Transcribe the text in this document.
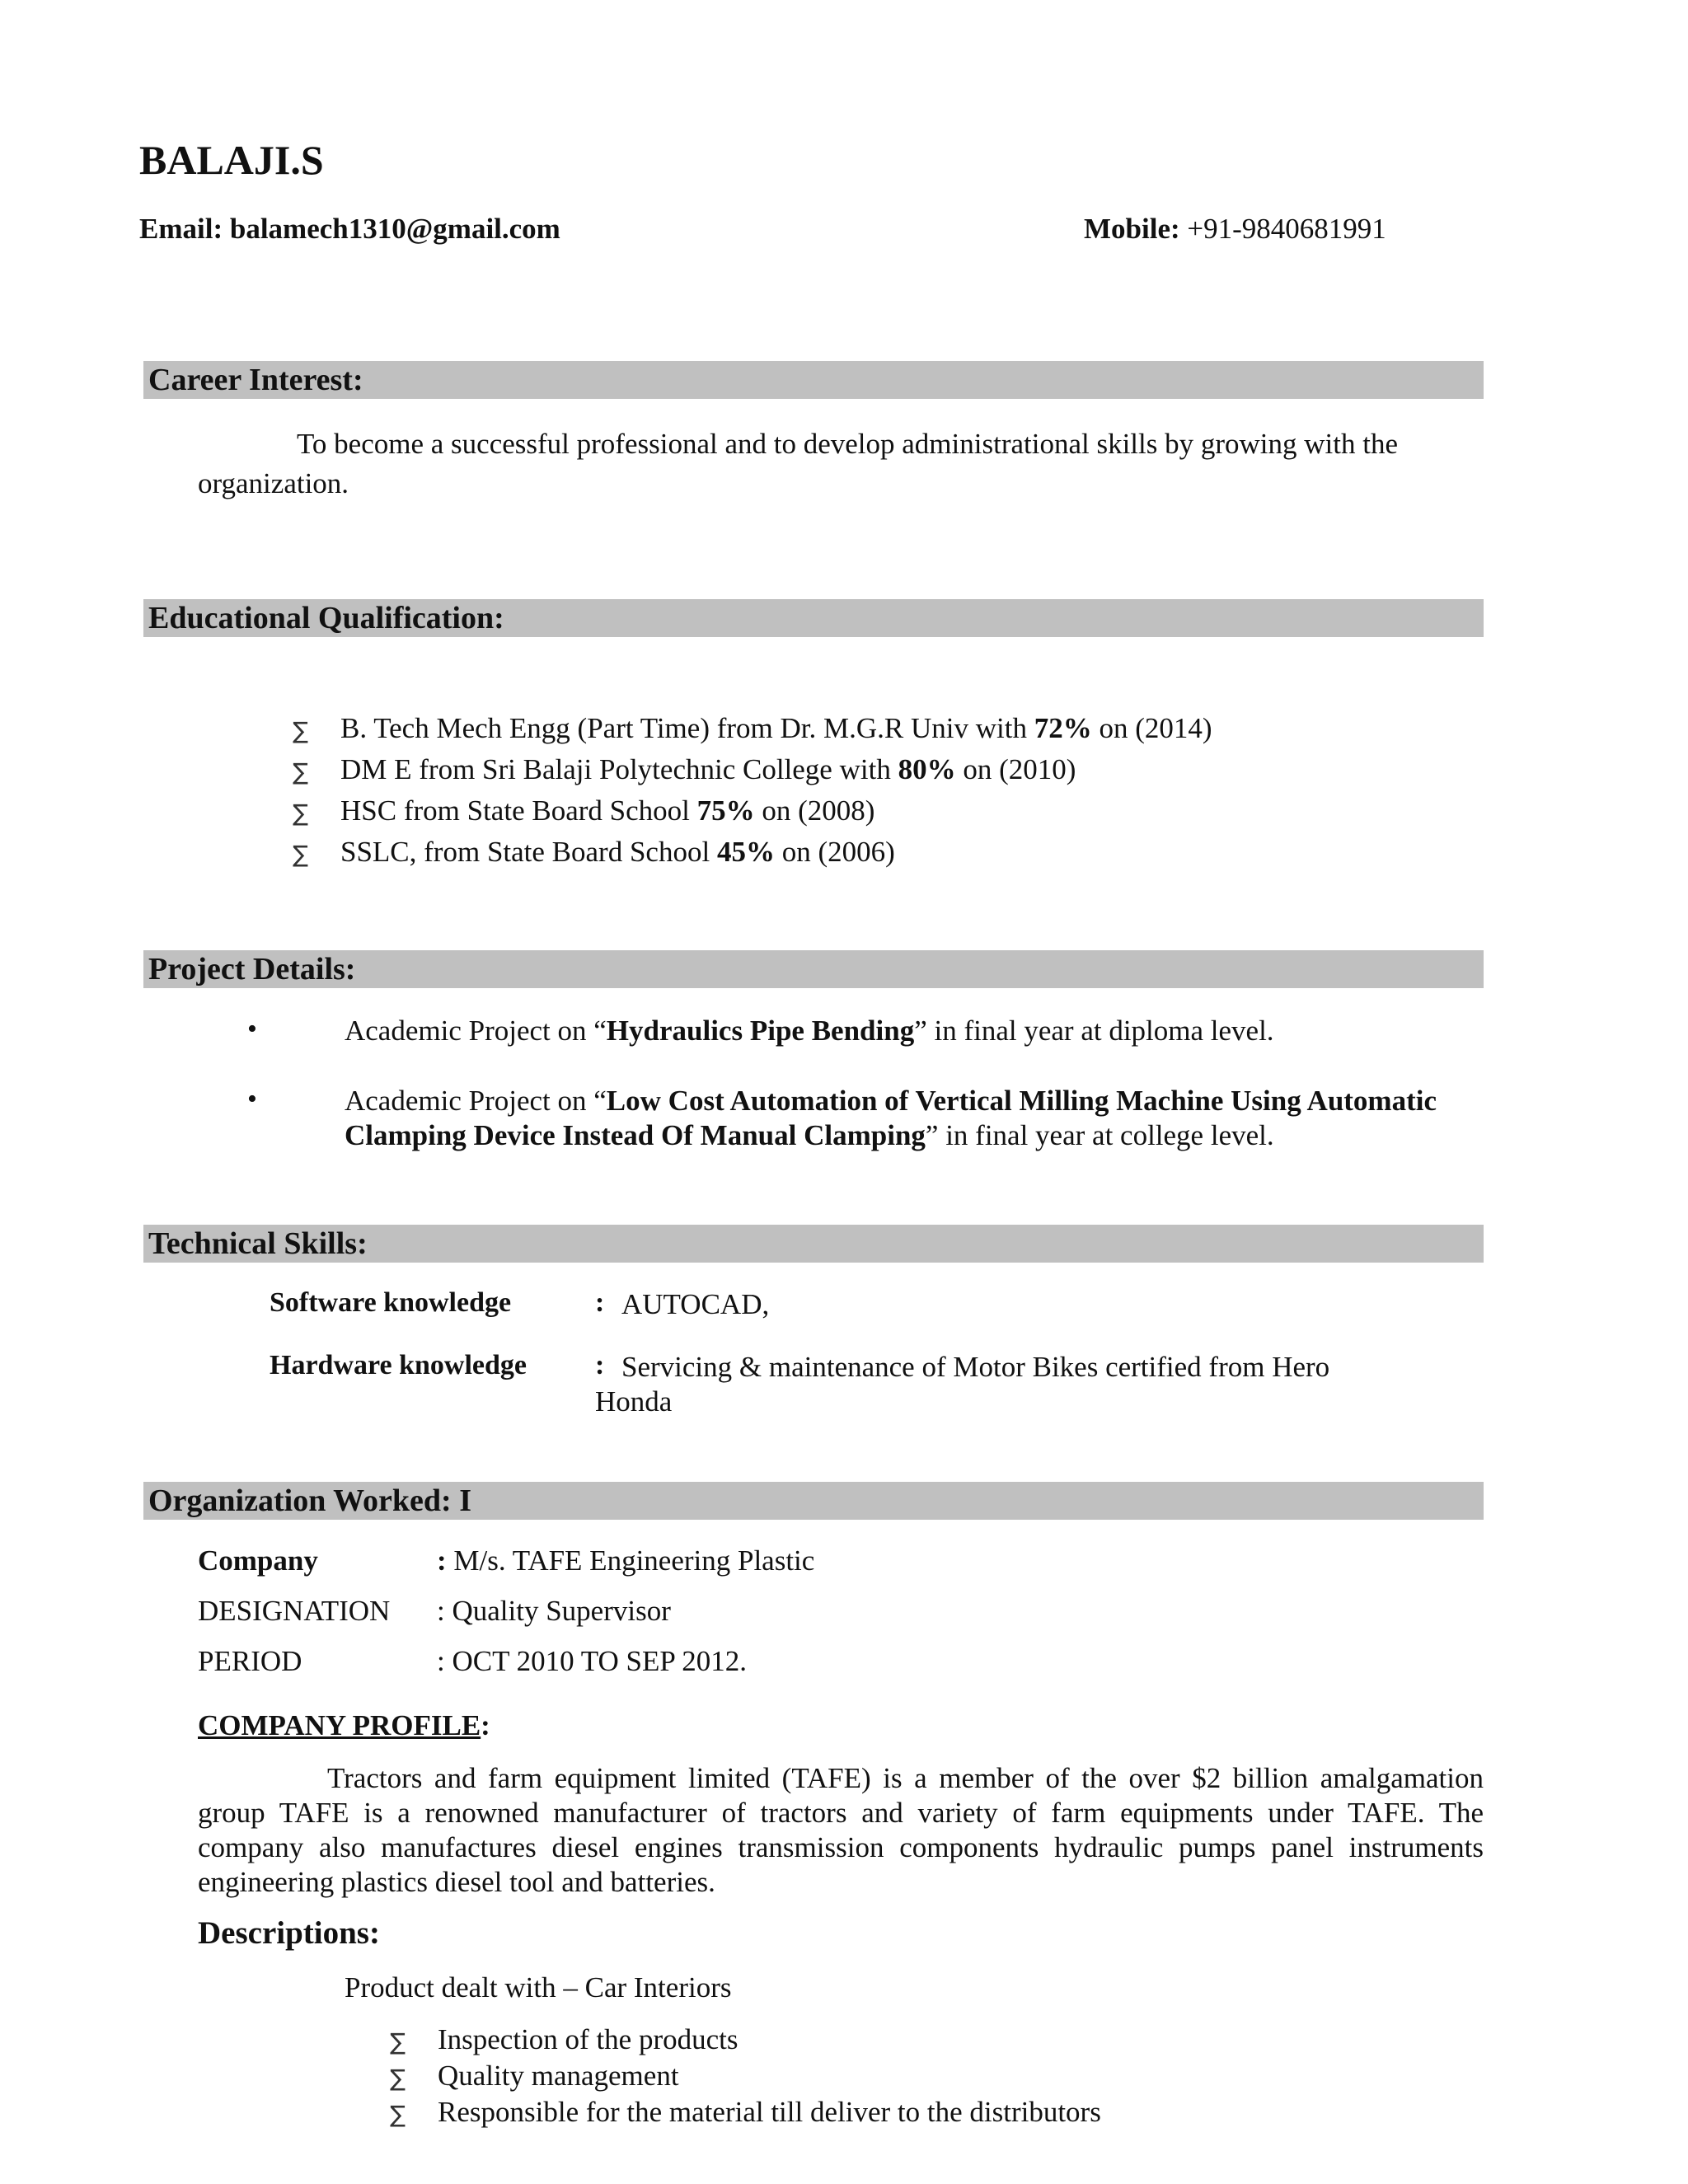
BALAJI.S
Email: balamech1310@gmail.com	Mobile: +91-9840681991
Career Interest:
To become a successful professional and to develop administrational skills by growing with the
organization.
Educational Qualification:
∑ B. Tech Mech Engg (Part Time) from Dr. M.G.R Univ with 72% on (2014)
∑ DM E from Sri Balaji Polytechnic College with 80% on (2010)
∑ HSC from State Board School 75% on (2008)
∑ SSLC, from State Board School 45% on (2006)
Project Details:
•	Academic Project on “Hydraulics Pipe Bending” in final year at diploma level.
•	Academic Project on “Low Cost Automation of Vertical Milling Machine Using Automatic Clamping Device Instead Of Manual Clamping” in final year at college level.
Technical Skills:
Software knowledge	: AUTOCAD,
Hardware knowledge : Servicing & maintenance of Motor Bikes certified from Hero Honda
Organization Worked: I
Company	: M/s. TAFE Engineering Plastic
DESIGNATION : Quality Supervisor
PERIOD	: OCT 2010 TO SEP 2012.
COMPANY PROFILE:
Tractors and farm equipment limited (TAFE) is a member of the over $2 billion amalgamation group TAFE is a renowned manufacturer of tractors and variety of farm equipments under TAFE. The company also manufactures diesel engines transmission components hydraulic pumps panel instruments engineering plastics diesel tool and batteries.
Descriptions:
Product dealt with – Car Interiors
∑ Inspection of the products
∑ Quality management
∑ Responsible for the material till deliver to the distributors
